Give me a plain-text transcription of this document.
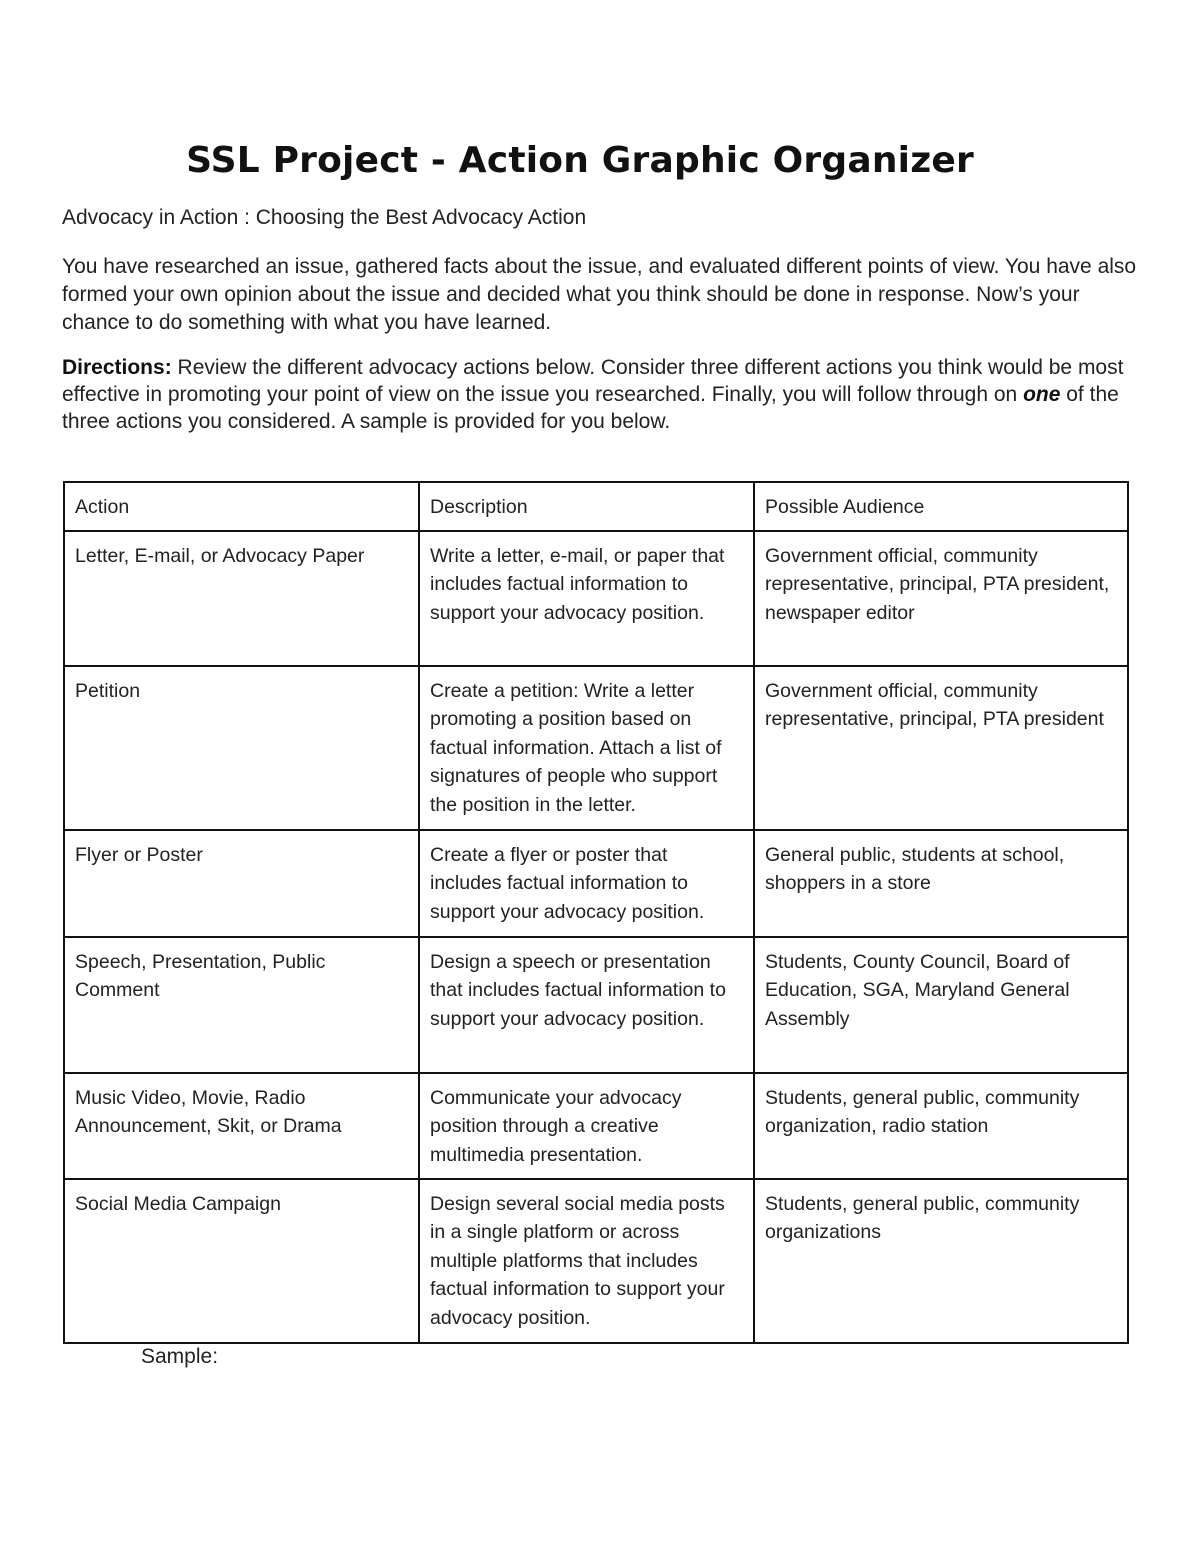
SSL Project - Action Graphic Organizer

Advocacy in Action : Choosing the Best Advocacy Action

You have researched an issue, gathered facts about the issue, and evaluated different points of view. You have also formed your own opinion about the issue and decided what you think should be done in response. Now’s your chance to do something with what you have learned.

Directions: Review the different advocacy actions below. Consider three different actions you think would be most effective in promoting your point of view on the issue you researched. Finally, you will follow through on one of the three actions you considered. A sample is provided for you below.

Action	Description	Possible Audience
Letter, E-mail, or Advocacy Paper	Write a letter, e-mail, or paper that includes factual information to support your advocacy position.	Government official, community representative, principal, PTA president, newspaper editor
Petition	Create a petition: Write a letter promoting a position based on factual information. Attach a list of signatures of people who support the position in the letter.	Government official, community representative, principal, PTA president
Flyer or Poster	Create a flyer or poster that includes factual information to support your advocacy position.	General public, students at school, shoppers in a store
Speech, Presentation, Public Comment	Design a speech or presentation that includes factual information to support your advocacy position.	Students, County Council, Board of Education, SGA, Maryland General Assembly
Music Video, Movie, Radio Announcement, Skit, or Drama	Communicate your advocacy position through a creative multimedia presentation.	Students, general public, community organization, radio station
Social Media Campaign	Design several social media posts in a single platform or across multiple platforms that includes factual information to support your advocacy position.	Students, general public, community organizations

Sample:
